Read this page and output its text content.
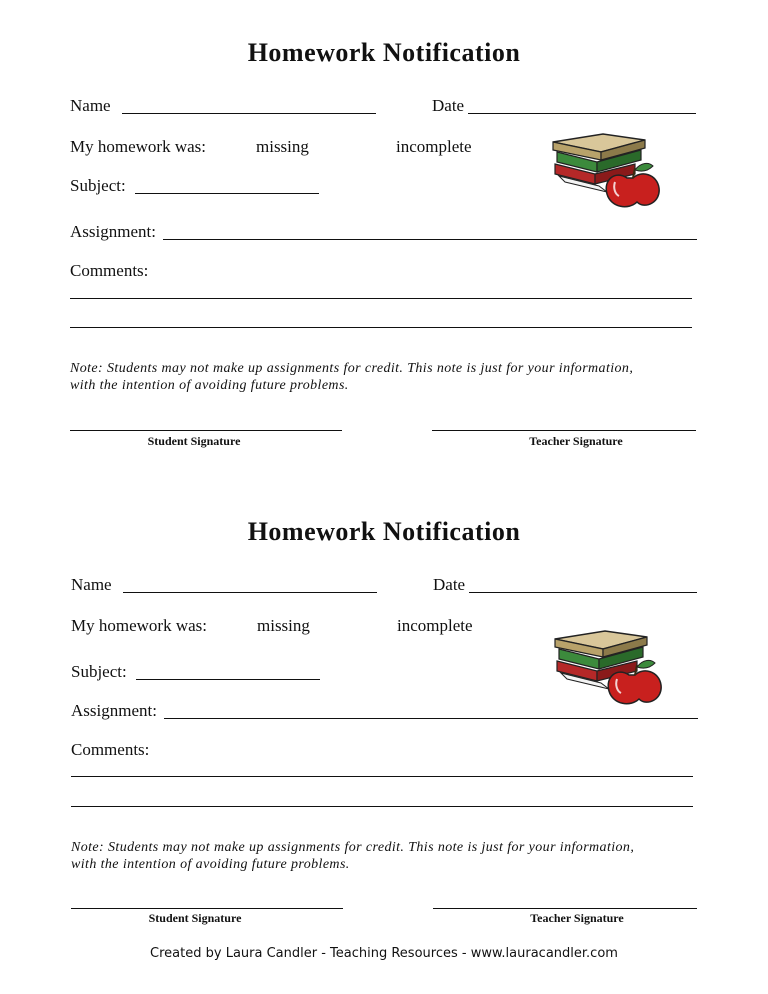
Homework Notification
Name	Date
My homework was:	missing	incomplete
Subject:
Assignment:
Comments:
Note: Students may not make up assignments for credit. This note is just for your information,
with the intention of avoiding future problems.
Student Signature	Teacher Signature
Homework Notification
Name	Date
My homework was:	missing	incomplete
Subject:
Assignment:
Comments:
Note: Students may not make up assignments for credit. This note is just for your information,
with the intention of avoiding future problems.
Student Signature	Teacher Signature
Created by Laura Candler - Teaching Resources - www.lauracandler.com
